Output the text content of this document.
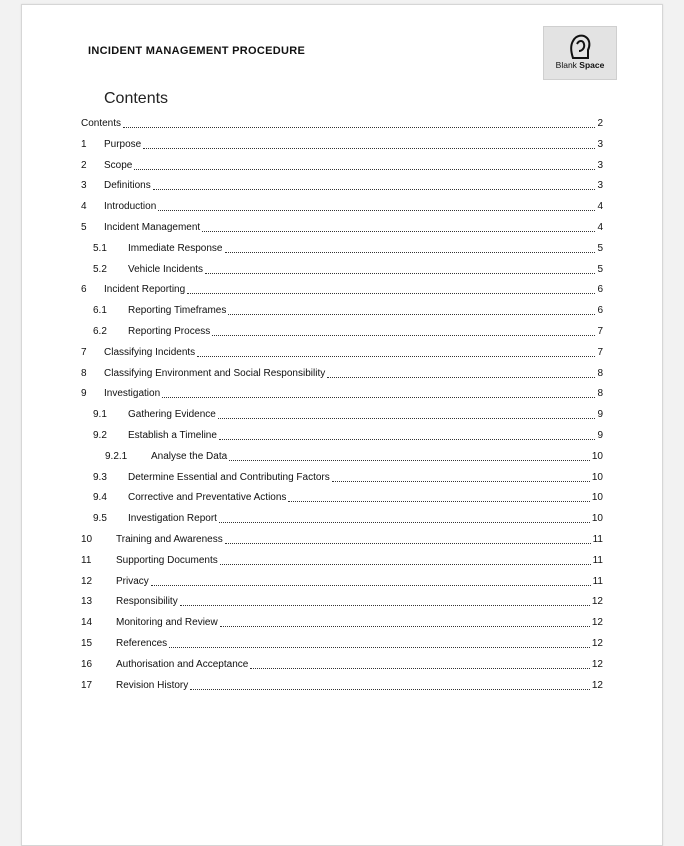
INCIDENT MANAGEMENT PROCEDURE
Blank Space
Contents
Contents	2
1 Purpose	3
2 Scope	3
3 Definitions	3
4 Introduction	4
5 Incident Management	4
5.1 Immediate Response	5
5.2 Vehicle Incidents	5
6 Incident Reporting	6
6.1 Reporting Timeframes	6
6.2 Reporting Process	7
7 Classifying Incidents	7
8 Classifying Environment and Social Responsibility	8
9 Investigation	8
9.1 Gathering Evidence	9
9.2 Establish a Timeline	9
9.2.1 Analyse the Data	10
9.3 Determine Essential and Contributing Factors	10
9.4 Corrective and Preventative Actions	10
9.5 Investigation Report	10
10 Training and Awareness	11
11 Supporting Documents	11
12 Privacy	11
13 Responsibility	12
14 Monitoring and Review	12
15 References	12
16 Authorisation and Acceptance	12
17 Revision History	12
